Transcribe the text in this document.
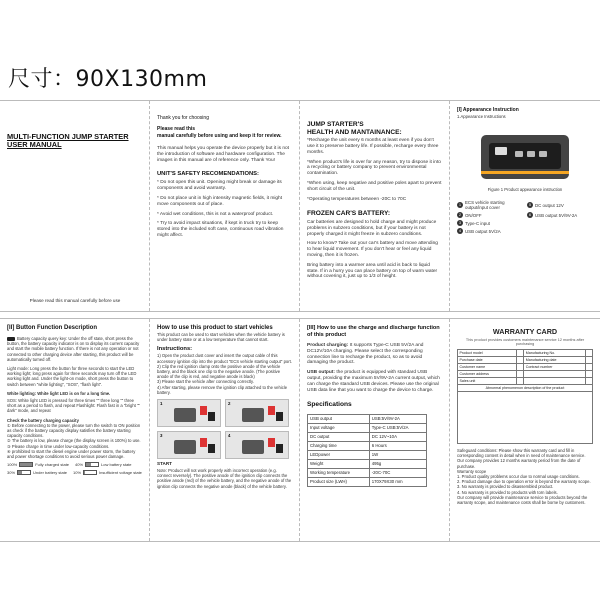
尺寸：90X130mm
MULTI-FUNCTION JUMP STARTER
USER MANUAL
Please read this manual carefully before use
Thank you for choosing
Please read this
manual carefully before using and keep it for review.
This manual helps you operate the device properly but it is not the introduction of software and hardware configuration. The images in this manual are of reference only. Thank You!
UNIT'S SAFETY RECOMENDATIONS:
* Do not open this unit. Opening might break or damage its components and avoid warranty.
* Do not place unit in high intensity magnetic fields, it might move components out of place.
* Avoid wet conditions, this is not a waterproof product.
* Try to avoid impact situations, if kept in truck try to keep stored into the included soft case, continuous road vibration might affect.
JUMP STARTER'S
HEALTH AND MANTAINANCE:
*Recharge the unit every 6 months at least even if you don't use it to preserve battery life. If possible, recharge every three months.
*When product's life is over for any reason, try to dispose it into a recycling or battery company to prevent environmental contamination.
*When using, keep negative and positive poles apart to prevent short circuit of the unit.
*Operating temperatures between -20C to 70C
FROZEN CAR'S BATTERY:
Car batteries are designed to hold charge and might produce problems in subzero conditions, but if your battery is not properly charged it might freeze in subzero conditions.
How to know? Take out your car's battery and move attending to hear liquid movement. If you don't hear or feel any liquid moving, then it is frozen.
Bring battery into a warmer area until acid is back to liquid state. If in a hurry you can place battery on top of warm water without covering it, just up to 1/3 of height.
[I] Appearance Instruction
1.Appearance Instructions
Figure 1 Product appearance instruction
1 ECS vehicle starting output/input cover	5 DC output 12V
2 ON/OFF	6 USB output 5V/9V-2A
3 Type-C input
4 USB output 5V/2A
[II] Button Function Description
Battery capacity query key: Under the off state, short press the button, the battery capacity indicator is on to display its current capacity and start the mobile battery function. If there is not any operation or not connected to other charging device after starting, this product will be automatically turned off.
Light mode: Long press the button for three seconds to start the LED working light; long press again for three seconds may turn off the LED working light and. Under the light-on mode, short press the button to switch between "white lighting", "SOS", "flash light".
White lighting: White light LED is on for a long time.
SOS: White light LED is pressed for three times "" three long "" three short as a period to flash, and repeat Flashlight: Flash fast in a "bright "" dark" mode, and repeat
Check the battery charging capacity
① Before connecting to the power, please turn the switch to ON position as check if the battery capacity display satisfies the battery starting capacity conditions.
② The battery is low, please charge (the display screen is 100%) to use.
③ Please charge in time under low-capacity conditions.
④ prohibited to start the diesel engine under power storm, the battery and power shortage conditions to avoid serious power damage.
100%	Fully charged state 40%	Low battery state
30%	Under battery state 10%	Insufficient voltage state
How to use this product to start vehicles
This product can be used to start vehicles when the vehicle battery is under battery state or at a low temperature that cannot start.
Instructions:
1) Open the product dust cover and insert the output cable of this accessory ignition clip into the product "ECS vehicle starting output" port.
2) Clip the red ignition clamp onto the positive anode of the vehicle battery, and the black one clip to the negative anode. (The positive anode of the clip is red, and negative anode is black)
3) Please start the vehicle after connecting correctly.
4) After starting, please remove the ignition clip attached to the vehicle battery.
1	2
3	4
START
Note: Product will not work properly with incorrect operation (e.g. connect reversely). The positive anode of the ignition clip connects the positive anode (red) of the vehicle battery, and the negative anode of the ignition clip connects the negative anode (black) of the vehicle battery.
[III] How to use the charge and discharge function of this product
Product charging: It supports Type-C USB 5V/2A and DC12V/10A charging. Please select the corresponding connection line to recharge the product, so as to avoid damaging the product.
USB output: the product is equipped with standard USB output, providing the maximum 5V/9V-2A current output, which can charge the standard USB devices. Please use the original USB data line that you want to charge the device to charge.
Specifications
USB output	USB:5V/9V-2A
Input voltage	Type-C USB:5V/2A
DC output	DC 12V~10A
Charging time	6 Hours
LEDpower	1W
Weight	495g
Working temperature	-20C-70C
Product size (LWH)	170X79X30 mm
WARRANTY CARD
This product provides customers maintenance service 12 months after purchasing
Product model		Manufacturing No.	
Purchase date		Manufacturing date	
Customer name		Contract number	
Customer address			
Sales unit			
Abnormal phenomenon description of the product			
Safeguard conditions: Please show this warranty card and fill in corresponding content in detail when in need of maintenance service. Our company provides 12 months warranty period from the date of purchase.
Warranty scope
1. Product quality problems occur due to normal usage conditions.
2. Product damage due to operation error is beyond the warranty scope.
3. No warranty is provided to disassembled product.
4. No warranty is provided to products with torn labels.
Our company will provide maintenance service to products beyond the warranty scope, and maintenance costs shall be borne by customers.
